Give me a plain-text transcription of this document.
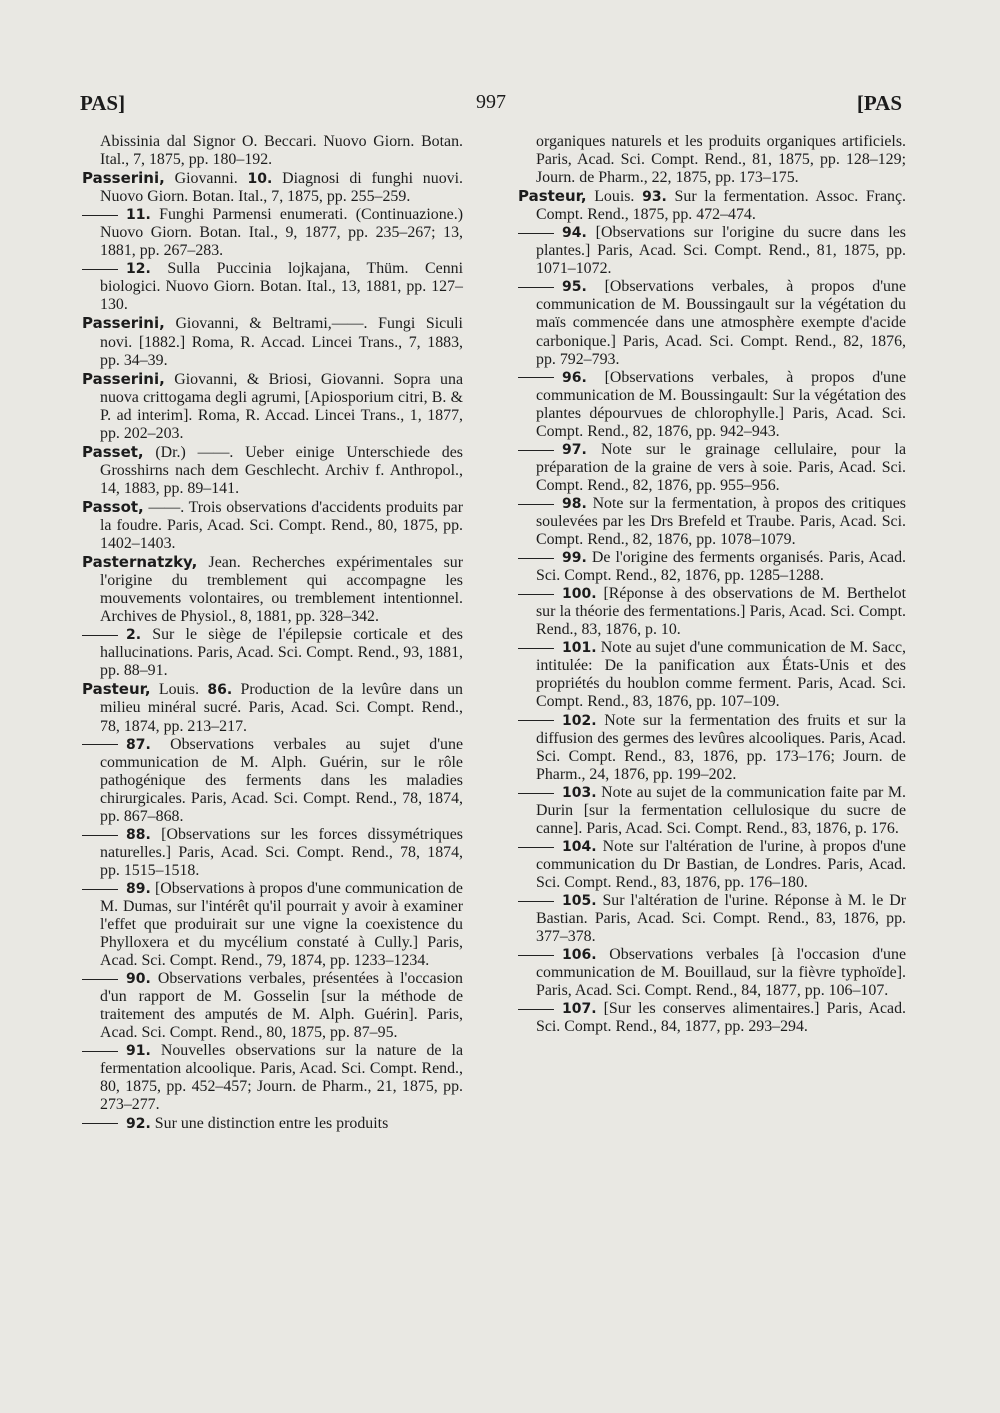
PAS]	997	[PAS

Abissinia dal Signor O. Beccari. Nuovo Giorn. Botan. Ital., 7, 1875, pp. 180–192.

Passerini, Giovanni. 10. Diagnosi di funghi nuovi. Nuovo Giorn. Botan. Ital., 7, 1875, pp. 255–259.

11. Funghi Parmensi enumerati. (Continuazione.) Nuovo Giorn. Botan. Ital., 9, 1877, pp. 235–267; 13, 1881, pp. 267–283.

12. Sulla Puccinia lojkajana, Thüm. Cenni biologici. Nuovo Giorn. Botan. Ital., 13, 1881, pp. 127–130.

Passerini, Giovanni, & Beltrami,——. Fungi Siculi novi. [1882.] Roma, R. Accad. Lincei Trans., 7, 1883, pp. 34–39.

Passerini, Giovanni, & Briosi, Giovanni. Sopra una nuova crittogama degli agrumi, [Apiosporium citri, B. & P. ad interim]. Roma, R. Accad. Lincei Trans., 1, 1877, pp. 202–203.

Passet, (Dr.) ——. Ueber einige Unterschiede des Grosshirns nach dem Geschlecht. Archiv f. Anthropol., 14, 1883, pp. 89–141.

Passot, ——. Trois observations d'accidents produits par la foudre. Paris, Acad. Sci. Compt. Rend., 80, 1875, pp. 1402–1403.

Pasternatzky, Jean. Recherches expérimentales sur l'origine du tremblement qui accompagne les mouvements volontaires, ou tremblement intentionnel. Archives de Physiol., 8, 1881, pp. 328–342.

2. Sur le siège de l'épilepsie corticale et des hallucinations. Paris, Acad. Sci. Compt. Rend., 93, 1881, pp. 88–91.

Pasteur, Louis. 86. Production de la levûre dans un milieu minéral sucré. Paris, Acad. Sci. Compt. Rend., 78, 1874, pp. 213–217.

87. Observations verbales au sujet d'une communication de M. Alph. Guérin, sur le rôle pathogénique des ferments dans les maladies chirurgicales. Paris, Acad. Sci. Compt. Rend., 78, 1874, pp. 867–868.

88. [Observations sur les forces dissymétriques naturelles.] Paris, Acad. Sci. Compt. Rend., 78, 1874, pp. 1515–1518.

89. [Observations à propos d'une communication de M. Dumas, sur l'intérêt qu'il pourrait y avoir à examiner l'effet que produirait sur une vigne la coexistence du Phylloxera et du mycélium constaté à Cully.] Paris, Acad. Sci. Compt. Rend., 79, 1874, pp. 1233–1234.

90. Observations verbales, présentées à l'occasion d'un rapport de M. Gosselin [sur la méthode de traitement des amputés de M. Alph. Guérin]. Paris, Acad. Sci. Compt. Rend., 80, 1875, pp. 87–95.

91. Nouvelles observations sur la nature de la fermentation alcoolique. Paris, Acad. Sci. Compt. Rend., 80, 1875, pp. 452–457; Journ. de Pharm., 21, 1875, pp. 273–277.

92. Sur une distinction entre les produits

organiques naturels et les produits organiques artificiels. Paris, Acad. Sci. Compt. Rend., 81, 1875, pp. 128–129; Journ. de Pharm., 22, 1875, pp. 173–175.

Pasteur, Louis. 93. Sur la fermentation. Assoc. Franç. Compt. Rend., 1875, pp. 472–474.

94. [Observations sur l'origine du sucre dans les plantes.] Paris, Acad. Sci. Compt. Rend., 81, 1875, pp. 1071–1072.

95. [Observations verbales, à propos d'une communication de M. Boussingault sur la végétation du maïs commencée dans une atmosphère exempte d'acide carbonique.] Paris, Acad. Sci. Compt. Rend., 82, 1876, pp. 792–793.

96. [Observations verbales, à propos d'une communication de M. Boussingault: Sur la végétation des plantes dépourvues de chlorophylle.] Paris, Acad. Sci. Compt. Rend., 82, 1876, pp. 942–943.

97. Note sur le grainage cellulaire, pour la préparation de la graine de vers à soie. Paris, Acad. Sci. Compt. Rend., 82, 1876, pp. 955–956.

98. Note sur la fermentation, à propos des critiques soulevées par les Drs Brefeld et Traube. Paris, Acad. Sci. Compt. Rend., 82, 1876, pp. 1078–1079.

99. De l'origine des ferments organisés. Paris, Acad. Sci. Compt. Rend., 82, 1876, pp. 1285–1288.

100. [Réponse à des observations de M. Berthelot sur la théorie des fermentations.] Paris, Acad. Sci. Compt. Rend., 83, 1876, p. 10.

101. Note au sujet d'une communication de M. Sacc, intitulée: De la panification aux États-Unis et des propriétés du houblon comme ferment. Paris, Acad. Sci. Compt. Rend., 83, 1876, pp. 107–109.

102. Note sur la fermentation des fruits et sur la diffusion des germes des levûres alcooliques. Paris, Acad. Sci. Compt. Rend., 83, 1876, pp. 173–176; Journ. de Pharm., 24, 1876, pp. 199–202.

103. Note au sujet de la communication faite par M. Durin [sur la fermentation cellulosique du sucre de canne]. Paris, Acad. Sci. Compt. Rend., 83, 1876, p. 176.

104. Note sur l'altération de l'urine, à propos d'une communication du Dr Bastian, de Londres. Paris, Acad. Sci. Compt. Rend., 83, 1876, pp. 176–180.

105. Sur l'altération de l'urine. Réponse à M. le Dr Bastian. Paris, Acad. Sci. Compt. Rend., 83, 1876, pp. 377–378.

106. Observations verbales [à l'occasion d'une communication de M. Bouillaud, sur la fièvre typhoïde]. Paris, Acad. Sci. Compt. Rend., 84, 1877, pp. 106–107.

107. [Sur les conserves alimentaires.] Paris, Acad. Sci. Compt. Rend., 84, 1877, pp. 293–294.
